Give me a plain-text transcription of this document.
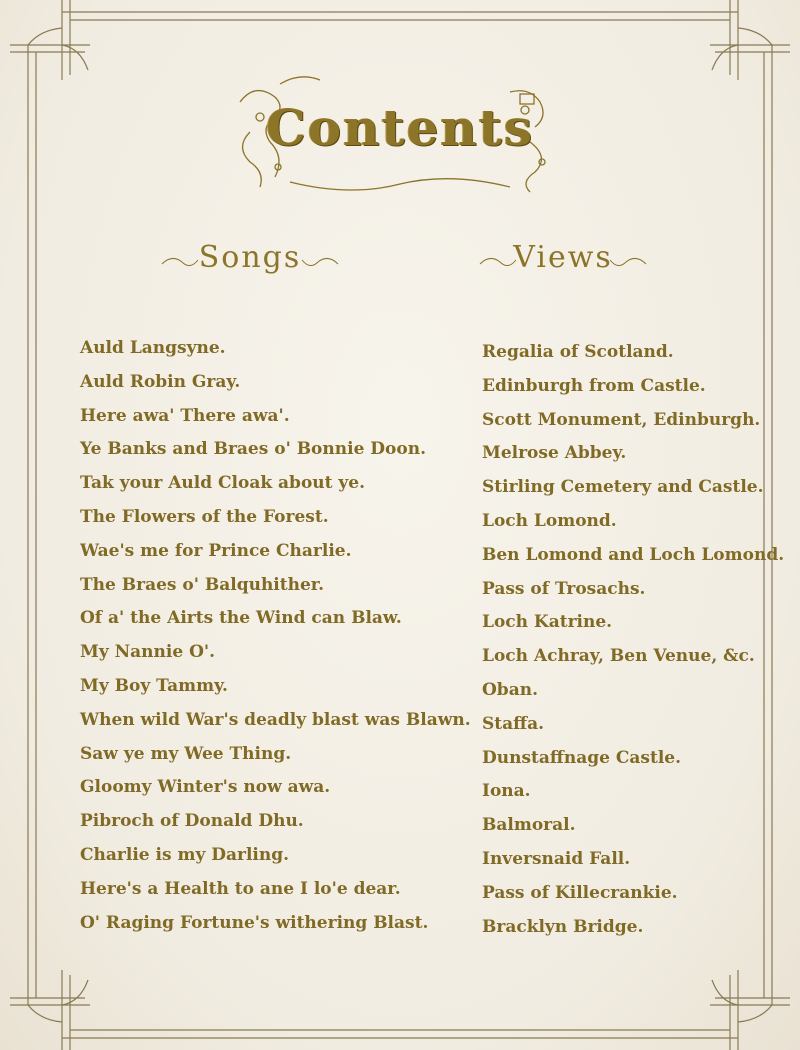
Contents
Songs	Views
Auld Langsyne.
Auld Robin Gray.
Here awa' There awa'.
Ye Banks and Braes o' Bonnie Doon.
Tak your Auld Cloak about ye.
The Flowers of the Forest.
Wae's me for Prince Charlie.
The Braes o' Balquhither.
Of a' the Airts the Wind can Blaw.
My Nannie O'.
My Boy Tammy.
When wild War's deadly blast was Blawn.
Saw ye my Wee Thing.
Gloomy Winter's now awa.
Pibroch of Donald Dhu.
Charlie is my Darling.
Here's a Health to ane I lo'e dear.
O' Raging Fortune's withering Blast.
Regalia of Scotland.
Edinburgh from Castle.
Scott Monument, Edinburgh.
Melrose Abbey.
Stirling Cemetery and Castle.
Loch Lomond.
Ben Lomond and Loch Lomond.
Pass of Trosachs.
Loch Katrine.
Loch Achray, Ben Venue, &c.
Oban.
Staffa.
Dunstaffnage Castle.
Iona.
Balmoral.
Inversnaid Fall.
Pass of Killecrankie.
Bracklyn Bridge.
